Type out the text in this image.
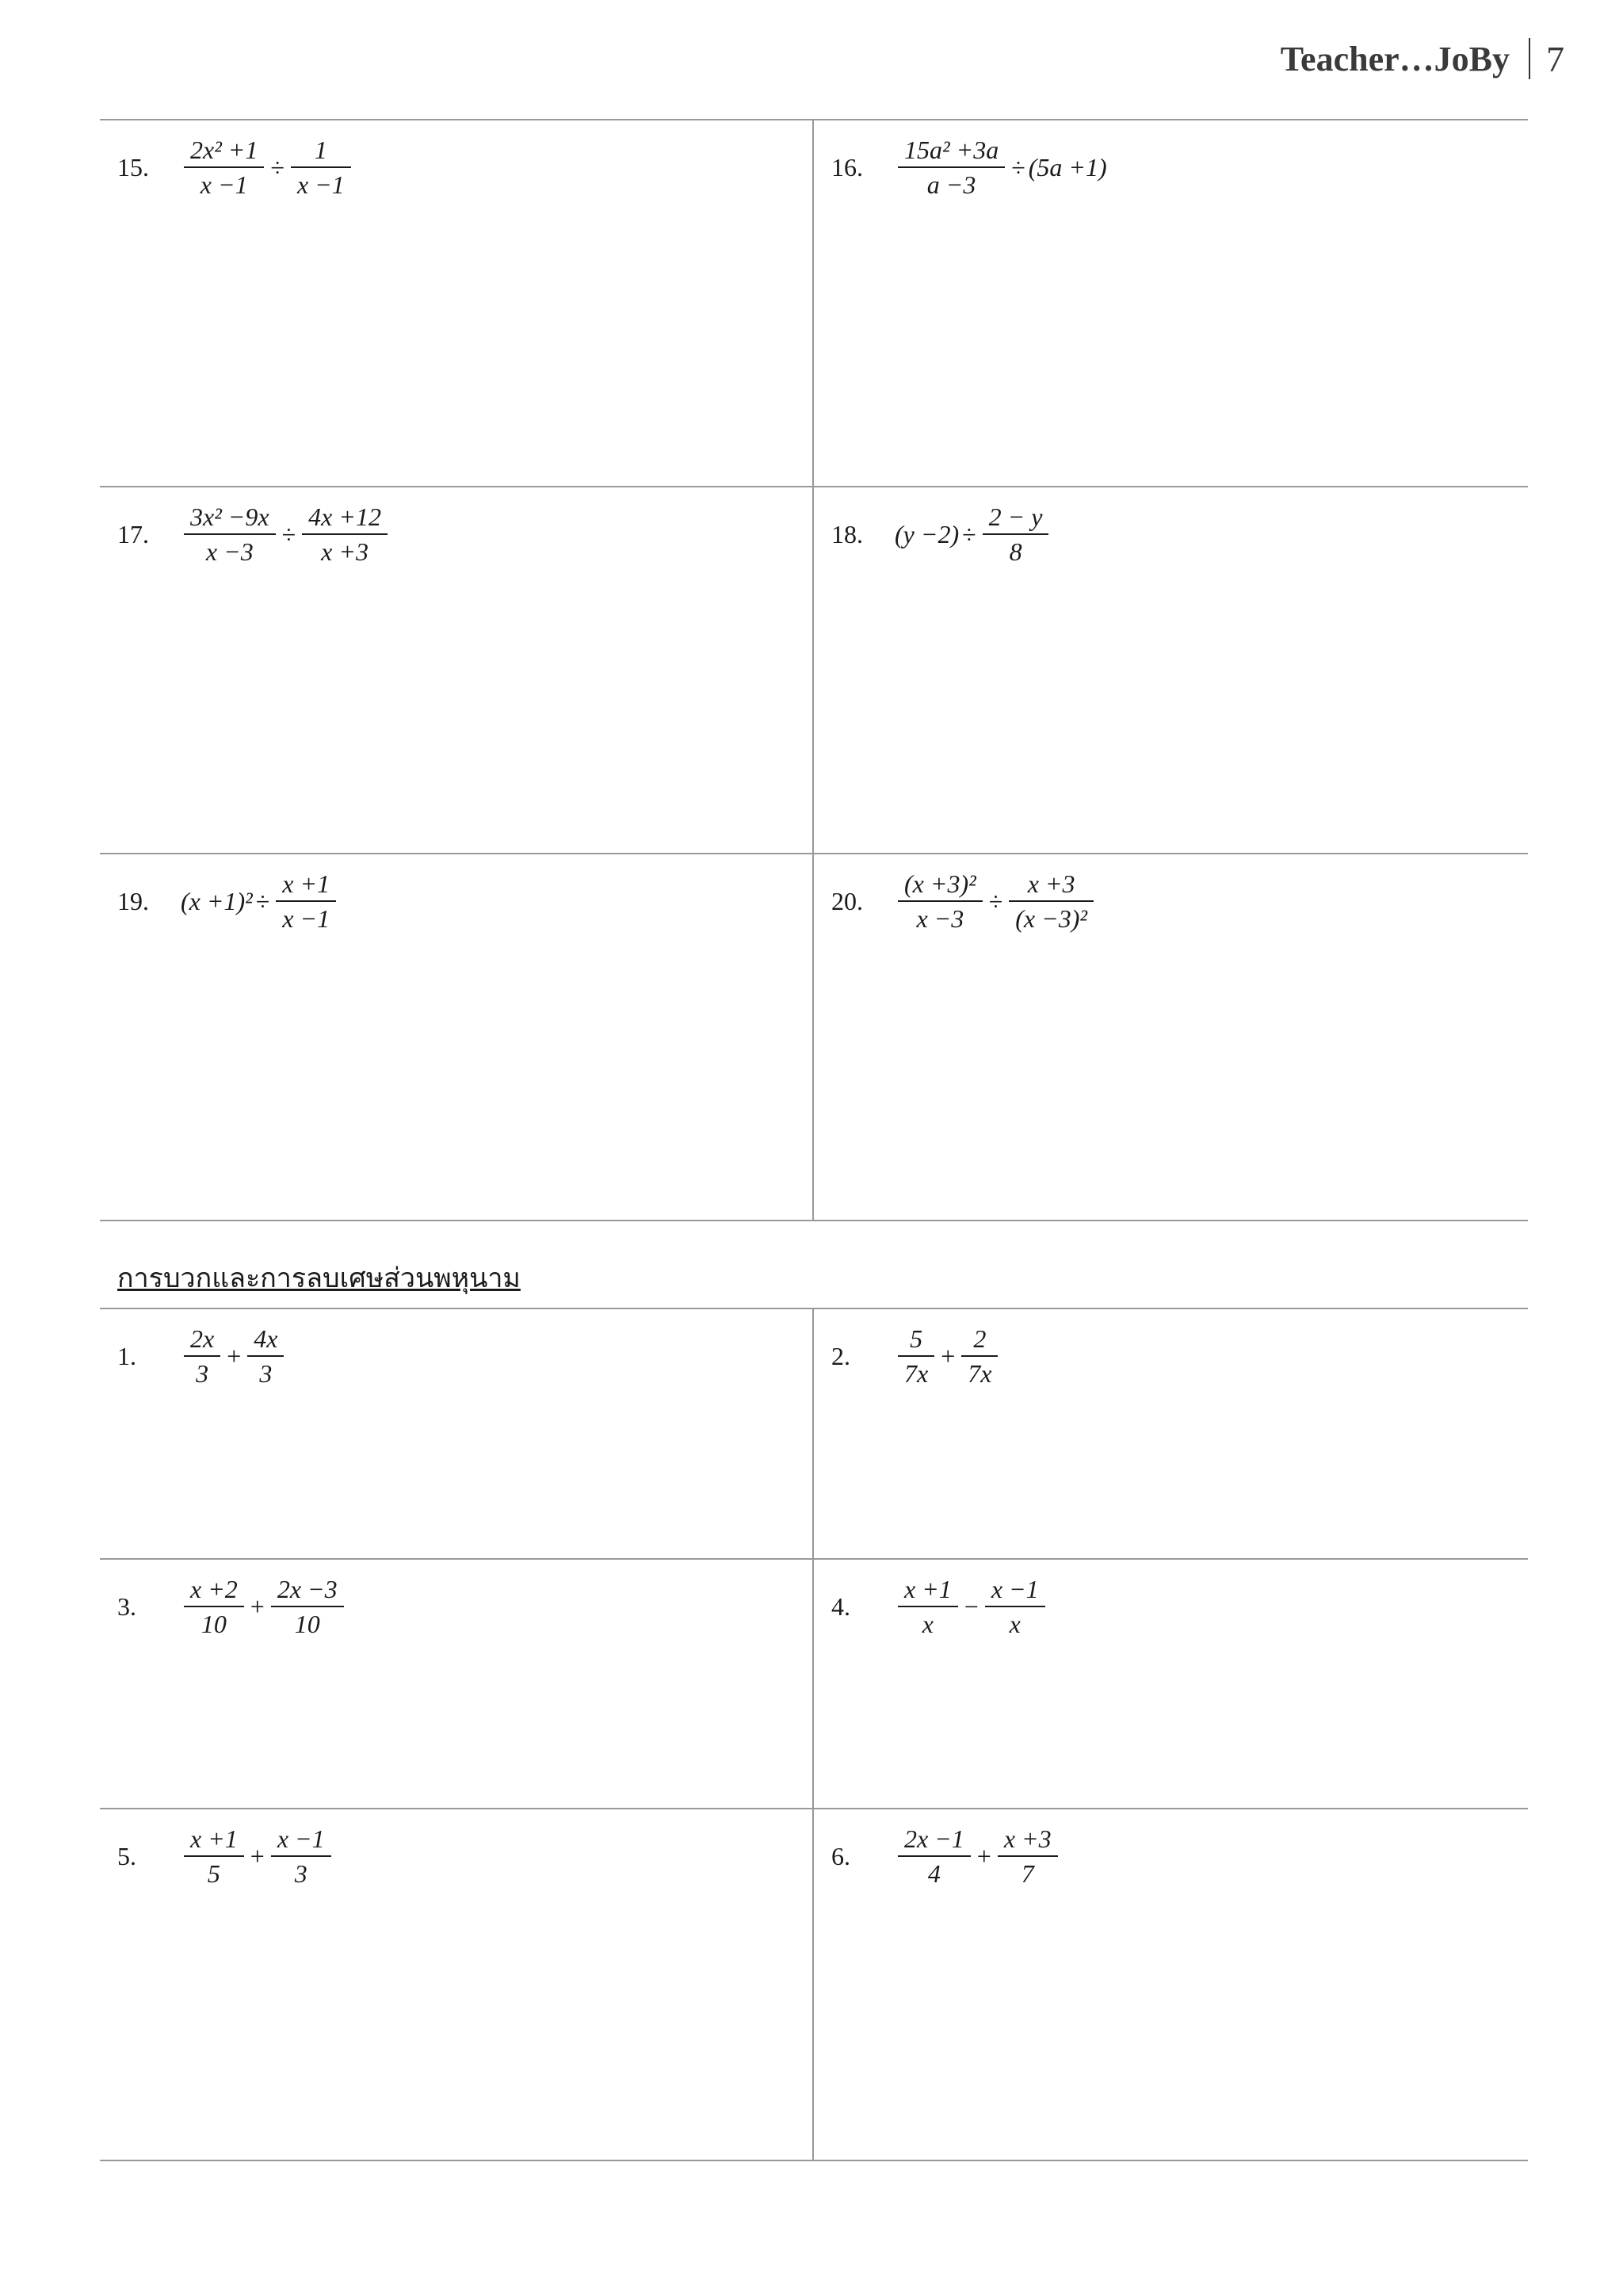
Teacher…JoBy 7
15.	$\frac{\text{2x² +1}}{x -1} \div \frac{1}{x -1}$	16.	$\frac{\text{15a² +3a}}{a -3} \div (5a +1)$
17.	$\frac{\text{3x² −9x}}{x -3} \div \frac{4x +12}{x +3}$	18.	$(y -2) \div \frac{2 - y}{8}$
19.	$(x +1)^2 \div \frac{x +1}{x -1}$	20.	$\frac{\text{(x +3)²}}{x -3} \div \frac{x +3}{\text{(x −3)²}}$
การบวกและการลบเศษส่วนพหุนาม
1.	$\frac{2x}{3} + \frac{4x}{3}$	2.	$\frac{5}{7x} + \frac{2}{7x}$
3.	$\frac{x +2}{10} + \frac{2x -3}{10}$	4.	$\frac{x +1}{x} - \frac{x -1}{x}$
5.	$\frac{x +1}{5} + \frac{x -1}{3}$	6.	$\frac{2x -1}{4} + \frac{x +3}{7}$
